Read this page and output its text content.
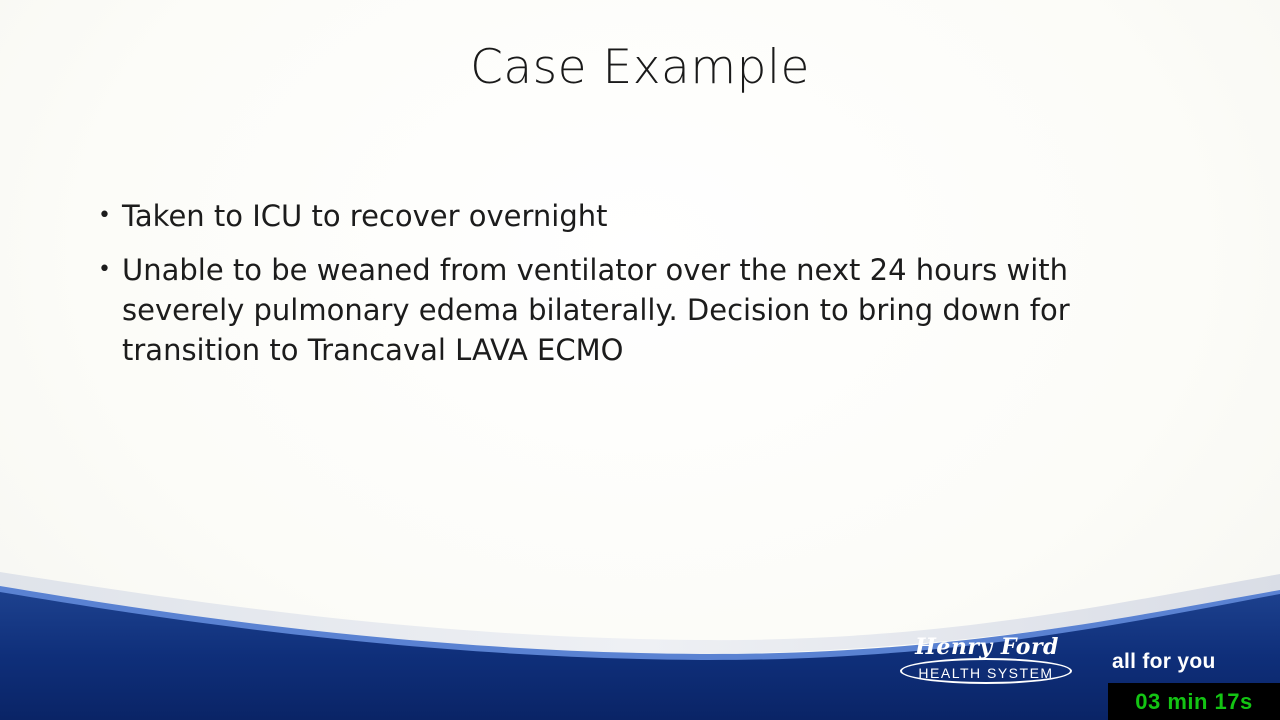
Case Example
• Taken to ICU to recover overnight
• Unable to be weaned from ventilator over the next 24 hours with severely pulmonary edema bilaterally. Decision to bring down for transition to Trancaval LAVA ECMO
Henry Ford
HEALTH SYSTEM	all for you
03 min 17s
